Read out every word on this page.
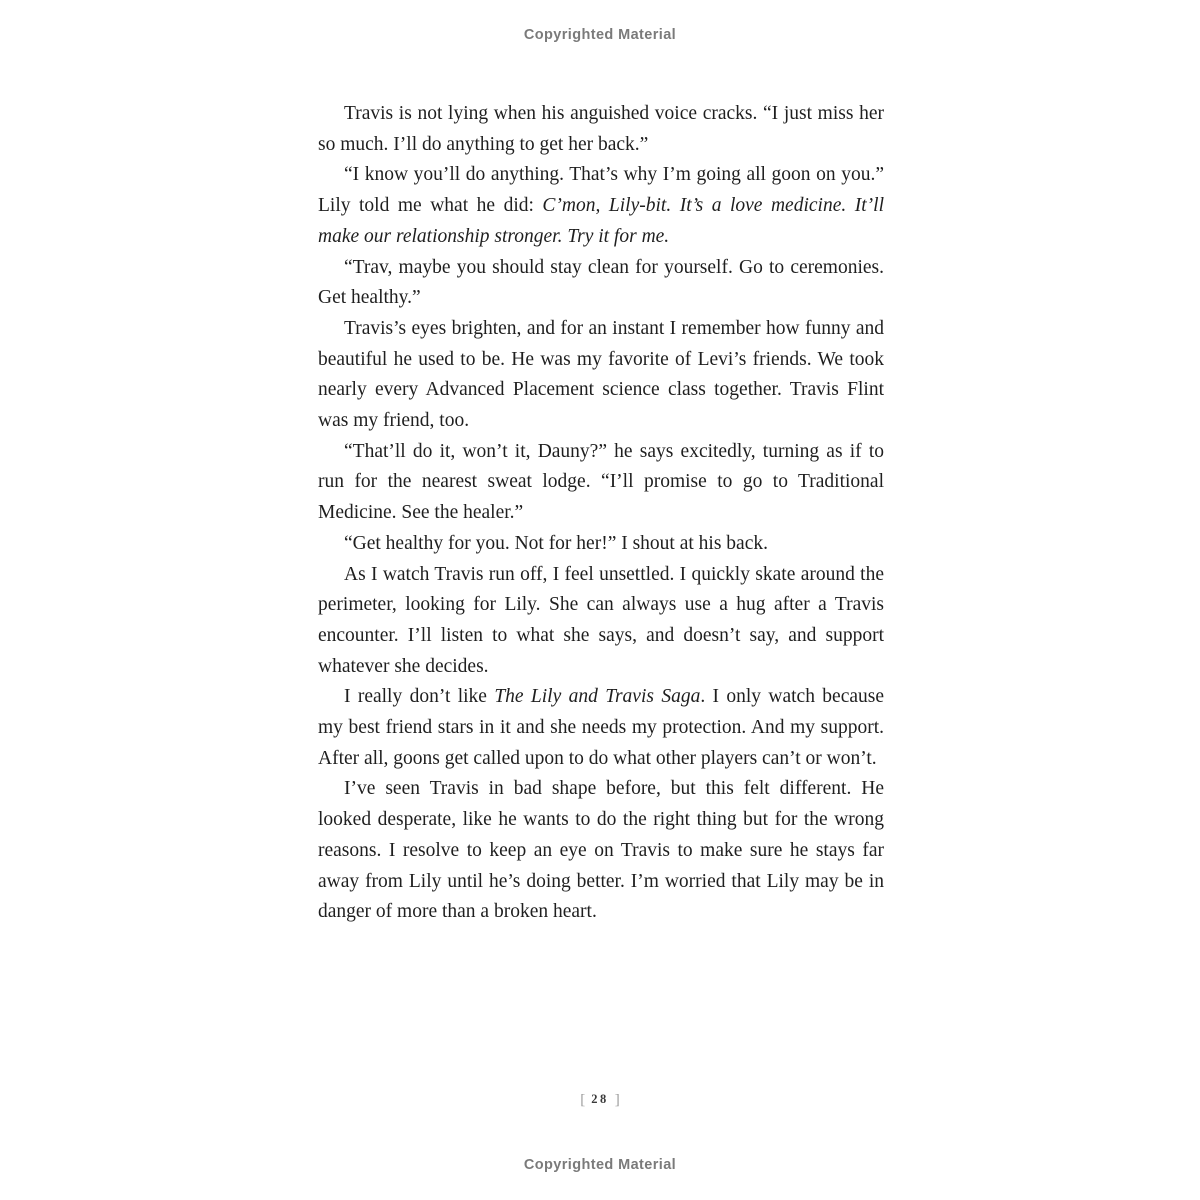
Copyrighted Material

Travis is not lying when his anguished voice cracks. “I just miss her so much. I’ll do anything to get her back.”

“I know you’ll do anything. That’s why I’m going all goon on you.” Lily told me what he did: C’mon, Lily-bit. It’s a love medicine. It’ll make our relationship stronger. Try it for me.

“Trav, maybe you should stay clean for yourself. Go to ceremonies. Get healthy.”

Travis’s eyes brighten, and for an instant I remember how funny and beautiful he used to be. He was my favorite of Levi’s friends. We took nearly every Advanced Placement science class together. Travis Flint was my friend, too.

“That’ll do it, won’t it, Dauny?” he says excitedly, turning as if to run for the nearest sweat lodge. “I’ll promise to go to Traditional Medicine. See the healer.”

“Get healthy for you. Not for her!” I shout at his back.

As I watch Travis run off, I feel unsettled. I quickly skate around the perimeter, looking for Lily. She can always use a hug after a Travis encounter. I’ll listen to what she says, and doesn’t say, and support whatever she decides.

I really don’t like The Lily and Travis Saga. I only watch because my best friend stars in it and she needs my protection. And my support. After all, goons get called upon to do what other players can’t or won’t.

I’ve seen Travis in bad shape before, but this felt different. He looked desperate, like he wants to do the right thing but for the wrong reasons. I resolve to keep an eye on Travis to make sure he stays far away from Lily until he’s doing better. I’m worried that Lily may be in danger of more than a broken heart.

[ 28 ]
Copyrighted Material
